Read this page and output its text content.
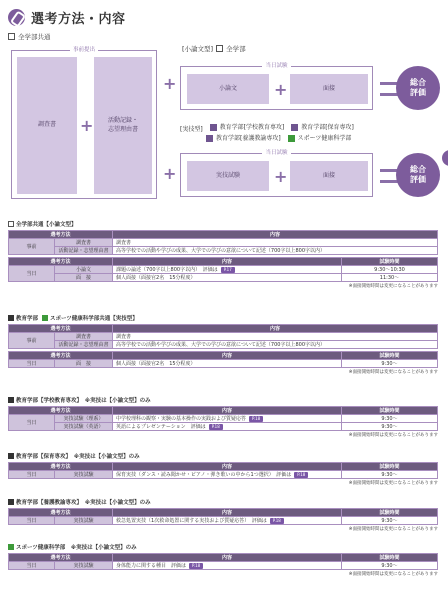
選考方法・内容
全学部共通
事前提出
調査書	+	活動記録・
志望理由書
+
+
[小論文型] 全学部
当日試験
小論文	+	面接
総合
評価
[実技型]
	教育学部[学校教育専攻]
	教育学部[保育専攻]

教育学部[養護教諭専攻]
	スポーツ健康科学部
当日試験
実技試験	+	面接
総合
評価
全学部共通【小論文型】
選考方法		内容
事前	調査書	調査書
	活動記録・志望理由書	高等学校での活動や学びの成果、大学での学びの意欲について記述（700字以上800字以内）
選考方法		内容	試験時間
当日	小論文	課題の論述（700字以上800字以内）　評価は P.17	9:30～10:30
	面　接	個人面接（面接官2名　15分程度）	11:30～
※面接開始時間は変更になることがあります
教育学部 スポーツ健康科学部共通【実技型】
選考方法		内容
事前	調査書	調査書
	活動記録・志望理由書	高等学校での活動や学びの成果、大学での学びの意欲について記述（700字以上800字以内）
選考方法		内容	試験時間
当日	面　接	個人面接（面接官2名　15分程度）	9:30～
※面接開始時間は変更になることがあります
教育学部【学校教育専攻】　※実技は【小論文型】のみ
選考方法		内容	試験時間
当日	実技試験（理系）	中学校理科の観察・実験の基本操作の実践および質疑応答 P.18	9:30～
	実技試験（英語）	英語によるプレゼンテーション　評価は P.18	9:30～
※面接開始時間は変更になることがあります
教育学部【保育専攻】　※実技は【小論文型】のみ
選考方法		内容	試験時間
当日	実技試験	保育実技（ダンス・読み聞かせ・ピアノ・弾き歌いの中から1つ選択）　評価は P.18	9:30～
※面接開始時間は変更になることがあります
教育学部【養護教諭専攻】　※実技は【小論文型】のみ
選考方法		内容	試験時間
当日	実技試験	救急処置実技（1次救命処置に関する実技および質疑応答）　評価は P.18	9:30～
※面接開始時間は変更になることがあります
スポーツ健康科学部　※実技は【小論文型】のみ
選考方法		内容	試験時間
当日	実技試験	身体能力に関する種目　評価は P.18	9:30～
※面接開始時間は変更になることがあります
